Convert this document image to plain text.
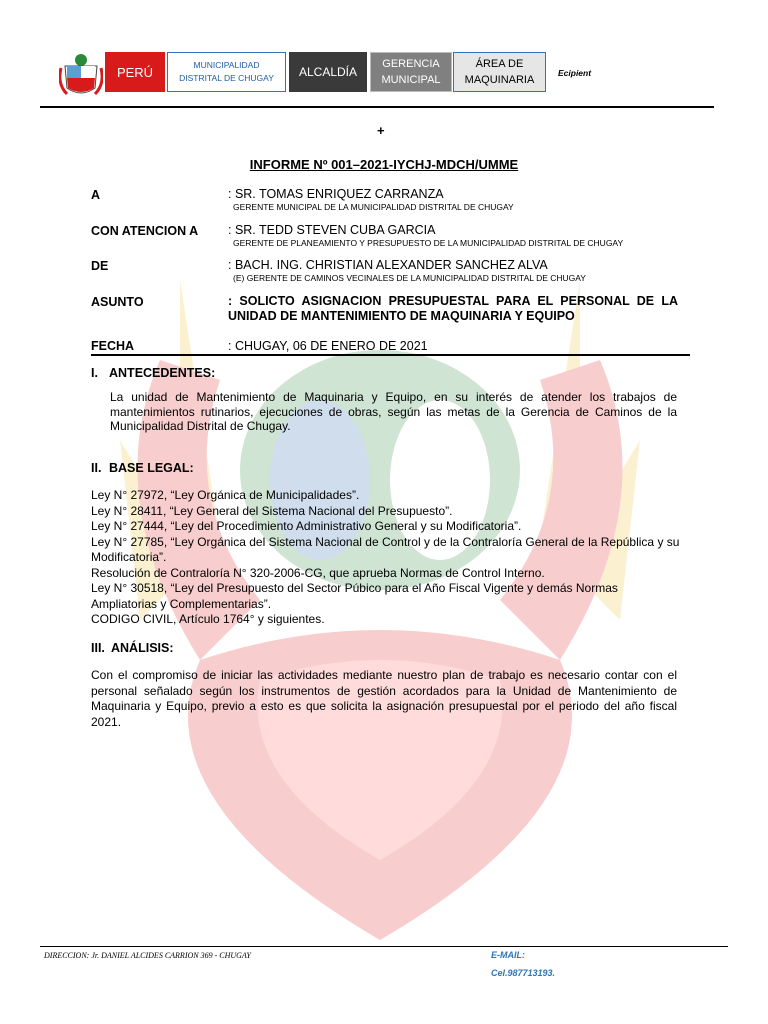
PERÚ	MUNICIPALIDAD
DISTRITAL DE CHUGAY	ALCALDÍA
GERENCIA
MUNICIPAL
ÁREA DE
MAQUINARIA
Ecipient
+
INFORME Nº 001–2021-IYCHJ-MDCH/UMME
A	: SR. TOMAS ENRIQUEZ CARRANZA
GERENTE MUNICIPAL DE LA MUNICIPALIDAD DISTRITAL DE CHUGAY
CON ATENCION A : SR. TEDD STEVEN CUBA GARCIA
GERENTE DE PLANEAMIENTO Y PRESUPUESTO DE LA MUNICIPALIDAD DISTRITAL DE CHUGAY
DE	: BACH. ING. CHRISTIAN ALEXANDER SANCHEZ ALVA
(E) GERENTE DE CAMINOS VECINALES DE LA MUNICIPALIDAD DISTRITAL DE CHUGAY
ASUNTO	: SOLICTO ASIGNACION PRESUPUESTAL PARA EL PERSONAL DE LA UNIDAD DE MANTENIMIENTO DE MAQUINARIA Y EQUIPO
FECHA	: CHUGAY, 06 DE ENERO DE 2021
I. ANTECEDENTES:
La unidad de Mantenimiento de Maquinaria y Equipo, en su interés de atender los trabajos de mantenimientos rutinarios, ejecuciones de obras, según las metas de la Gerencia de Caminos de la Municipalidad Distrital de Chugay.
II. BASE LEGAL:
Ley N° 27972, “Ley Orgánica de Municipalidades”.
Ley N° 28411, “Ley General del Sistema Nacional del Presupuesto”.
Ley N° 27444, “Ley del Procedimiento Administrativo General y su Modificatoria”.
Ley N° 27785, “Ley Orgánica del Sistema Nacional de Control y de la Contraloría General de la República y su Modificatoria”.
Resolución de Contraloría N° 320-2006-CG, que aprueba Normas de Control Interno.
Ley N° 30518, “Ley del Presupuesto del Sector Púbico para el Año Fiscal Vigente y demás Normas Ampliatorias y Complementarias”.
CODIGO CIVIL, Artículo 1764° y siguientes.
III. ANÁLISIS:
Con el compromiso de iniciar las actividades mediante nuestro plan de trabajo es necesario contar con el personal señalado según los instrumentos de gestión acordados para la Unidad de Mantenimiento de Maquinaria y Equipo, previo a esto es que solicita la asignación presupuestal por el periodo del año fiscal 2021.
DIRECCION: Jr. DANIEL ALCIDES CARRION 369 - CHUGAY	E-MAIL:
Cel.987713193.
